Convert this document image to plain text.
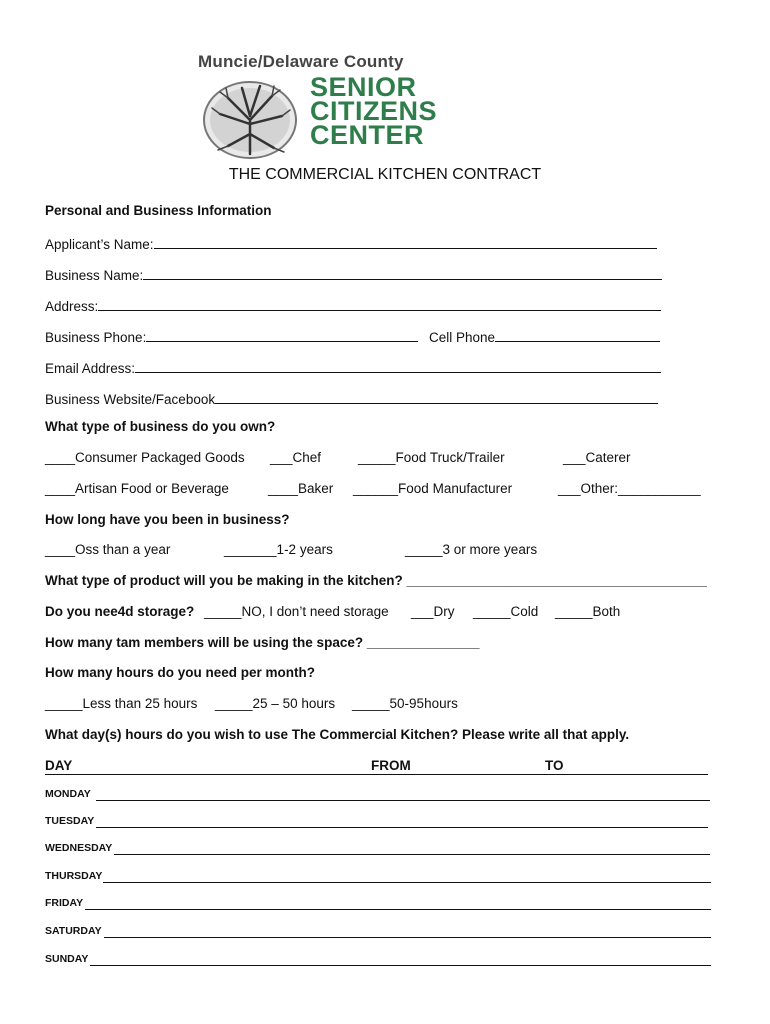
Muncie/Delaware County
SENIOR
CITIZENS
CENTER
THE COMMERCIAL KITCHEN CONTRACT
Personal and Business Information
Applicant’s Name:
Business Name:
Address:
Business Phone:	Cell Phone
Email Address:
Business Website/Facebook
What type of business do you own?
____Consumer Packaged Goods ___Chef	_____Food Truck/Trailer	___Caterer
____Artisan Food or Beverage	____Baker ______Food Manufacturer	___Other:___________
How long have you been in business?
____Oss than a year	_______1-2 years	_____3 or more years
What type of product will you be making in the kitchen? ________________________________________
Do you nee4d storage? _____NO, I don’t need storage ___Dry _____Cold _____Both
How many tam members will be using the space? _______________
How many hours do you need per month?
_____Less than 25 hours _____25 – 50 hours _____50-95hours
What day(s) hours do you wish to use The Commercial Kitchen? Please write all that apply.
DAY	FROM	TO
MONDAY
TUESDAY
WEDNESDAY
THURSDAY
FRIDAY
SATURDAY
SUNDAY
